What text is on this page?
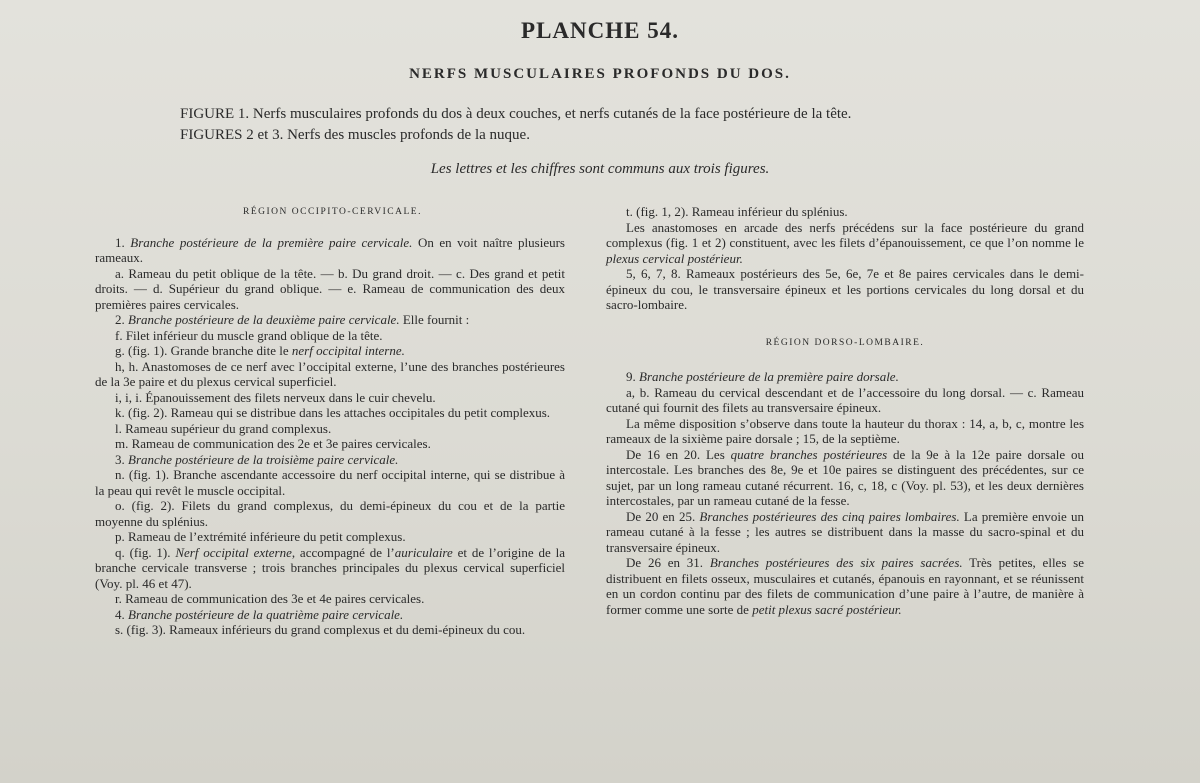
PLANCHE 54.
NERFS MUSCULAIRES PROFONDS DU DOS.
FIGURE 1. Nerfs musculaires profonds du dos à deux couches, et nerfs cutanés de la face postérieure de la tête.
FIGURES 2 et 3. Nerfs des muscles profonds de la nuque.
Les lettres et les chiffres sont communs aux trois figures.
RÉGION OCCIPITO-CERVICALE.

1. Branche postérieure de la première paire cervicale. On en voit naître plusieurs rameaux.

a. Rameau du petit oblique de la tête. — b. Du grand droit. — c. Des grand et petit droits. — d. Supérieur du grand oblique. — e. Rameau de communication des deux premières paires cervicales.

2. Branche postérieure de la deuxième paire cervicale. Elle fournit :

f. Filet inférieur du muscle grand oblique de la tête.

g. (fig. 1). Grande branche dite le nerf occipital interne.

h, h. Anastomoses de ce nerf avec l’occipital externe, l’une des branches postérieures de la 3e paire et du plexus cervical superficiel.

i, i, i. Épanouissement des filets nerveux dans le cuir chevelu.

k. (fig. 2). Rameau qui se distribue dans les attaches occipitales du petit complexus.

l. Rameau supérieur du grand complexus.

m. Rameau de communication des 2e et 3e paires cervicales.

3. Branche postérieure de la troisième paire cervicale.

n. (fig. 1). Branche ascendante accessoire du nerf occipital interne, qui se distribue à la peau qui revêt le muscle occipital.

o. (fig. 2). Filets du grand complexus, du demi-épineux du cou et de la partie moyenne du splénius.

p. Rameau de l’extrémité inférieure du petit complexus.

q. (fig. 1). Nerf occipital externe, accompagné de l’auriculaire et de l’origine de la branche cervicale transverse ; trois branches principales du plexus cervical superficiel (Voy. pl. 46 et 47).

r. Rameau de communication des 3e et 4e paires cervicales.

4. Branche postérieure de la quatrième paire cervicale.

s. (fig. 3). Rameaux inférieurs du grand complexus et du demi-épineux du cou.

t. (fig. 1, 2). Rameau inférieur du splénius.

Les anastomoses en arcade des nerfs précédens sur la face postérieure du grand complexus (fig. 1 et 2) constituent, avec les filets d’épanouissement, ce que l’on nomme le plexus cervical postérieur.

5, 6, 7, 8. Rameaux postérieurs des 5e, 6e, 7e et 8e paires cervicales dans le demi-épineux du cou, le transversaire épineux et les portions cervicales du long dorsal et du sacro-lombaire.

RÉGION DORSO-LOMBAIRE.

9. Branche postérieure de la première paire dorsale.

a, b. Rameau du cervical descendant et de l’accessoire du long dorsal. — c. Rameau cutané qui fournit des filets au transversaire épineux.

La même disposition s’observe dans toute la hauteur du thorax : 14, a, b, c, montre les rameaux de la sixième paire dorsale ; 15, de la septième.

De 16 en 20. Les quatre branches postérieures de la 9e à la 12e paire dorsale ou intercostale. Les branches des 8e, 9e et 10e paires se distinguent des précédentes, sur ce sujet, par un long rameau cutané récurrent. 16, c, 18, c (Voy. pl. 53), et les deux dernières intercostales, par un rameau cutané de la fesse.

De 20 en 25. Branches postérieures des cinq paires lombaires. La première envoie un rameau cutané à la fesse ; les autres se distribuent dans la masse du sacro-spinal et du transversaire épineux.

De 26 en 31. Branches postérieures des six paires sacrées. Très petites, elles se distribuent en filets osseux, musculaires et cutanés, épanouis en rayonnant, et se réunissent en un cordon continu par des filets de communication d’une paire à l’autre, de manière à former comme une sorte de petit plexus sacré postérieur.
